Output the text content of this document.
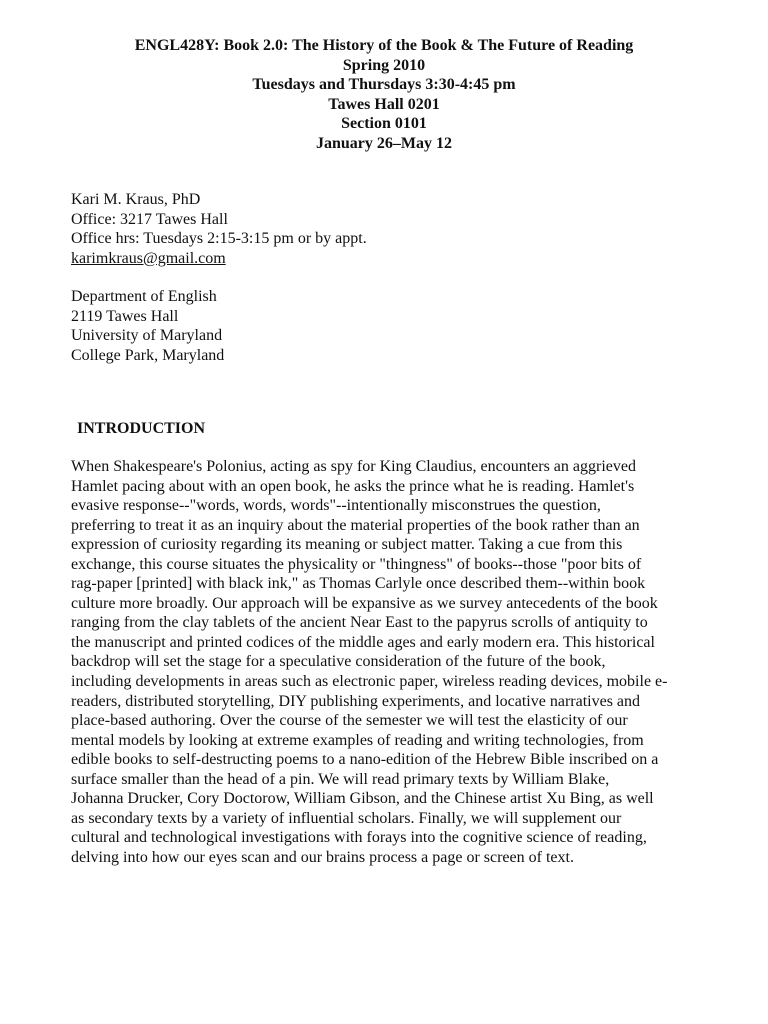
ENGL428Y: Book 2.0: The History of the Book & The Future of Reading
Spring 2010
Tuesdays and Thursdays 3:30-4:45 pm
Tawes Hall 0201
Section 0101
January 26–May 12
Kari M. Kraus, PhD
Office: 3217 Tawes Hall
Office hrs: Tuesdays 2:15-3:15 pm or by appt.
karimkraus@gmail.com
Department of English
2119 Tawes Hall
University of Maryland
College Park, Maryland
INTRODUCTION
When Shakespeare's Polonius, acting as spy for King Claudius, encounters an aggrieved
Hamlet pacing about with an open book, he asks the prince what he is reading. Hamlet's
evasive response--"words, words, words"--intentionally misconstrues the question,
preferring to treat it as an inquiry about the material properties of the book rather than an
expression of curiosity regarding its meaning or subject matter. Taking a cue from this
exchange, this course situates the physicality or "thingness" of books--those "poor bits of
rag-paper [printed] with black ink," as Thomas Carlyle once described them--within book
culture more broadly. Our approach will be expansive as we survey antecedents of the book
ranging from the clay tablets of the ancient Near East to the papyrus scrolls of antiquity to
the manuscript and printed codices of the middle ages and early modern era. This historical
backdrop will set the stage for a speculative consideration of the future of the book,
including developments in areas such as electronic paper, wireless reading devices, mobile e-
readers, distributed storytelling, DIY publishing experiments, and locative narratives and
place-based authoring. Over the course of the semester we will test the elasticity of our
mental models by looking at extreme examples of reading and writing technologies, from
edible books to self-destructing poems to a nano-edition of the Hebrew Bible inscribed on a
surface smaller than the head of a pin. We will read primary texts by William Blake,
Johanna Drucker, Cory Doctorow, William Gibson, and the Chinese artist Xu Bing, as well
as secondary texts by a variety of influential scholars. Finally, we will supplement our
cultural and technological investigations with forays into the cognitive science of reading,
delving into how our eyes scan and our brains process a page or screen of text.
